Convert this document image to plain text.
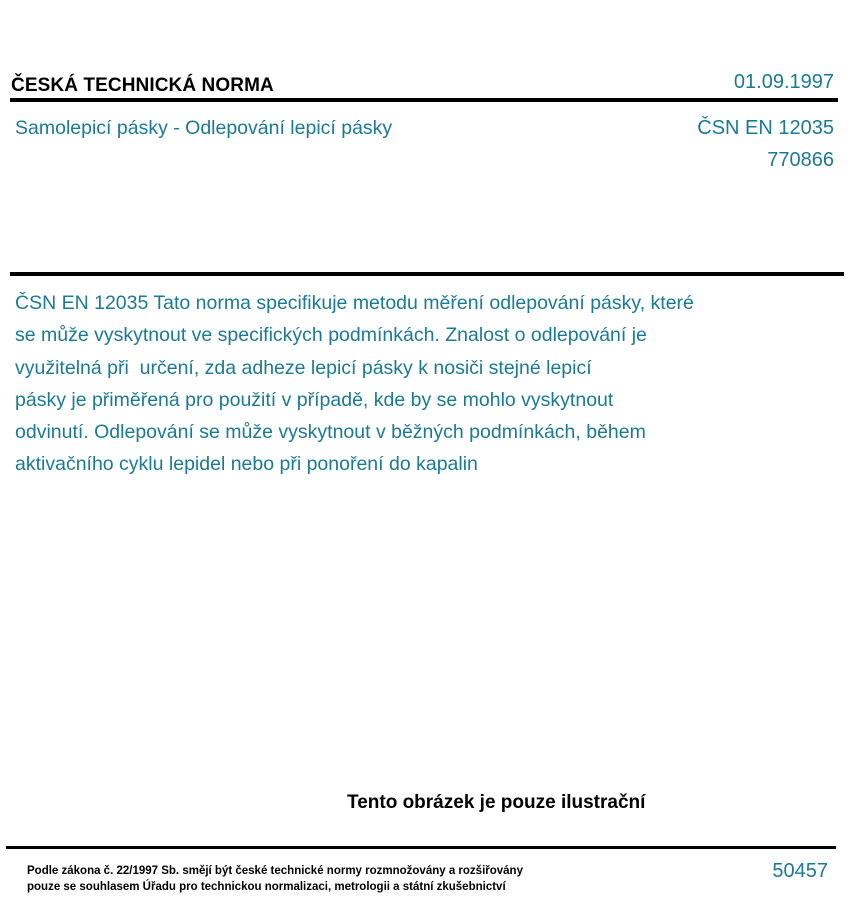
ČESKÁ TECHNICKÁ NORMA	01.09.1997
Samolepicí pásky - Odlepování lepicí pásky	ČSN EN 12035
770866
ČSN EN 12035 Tato norma specifikuje metodu měření odlepování pásky, které
se může vyskytnout ve specifických podmínkách. Znalost o odlepování je
využitelná při  určení, zda adheze lepicí pásky k nosiči stejné lepicí
pásky je přiměřená pro použití v případě, kde by se mohlo vyskytnout
odvinutí. Odlepování se může vyskytnout v běžných podmínkách, během
aktivačního cyklu lepidel nebo při ponoření do kapalin
Tento obrázek je pouze ilustrační
Podle zákona č. 22/1997 Sb. smějí být české technické normy rozmnožovány a rozšiřovány
pouze se souhlasem Úřadu pro technickou normalizaci, metrologii a státní zkušebnictví
50457
